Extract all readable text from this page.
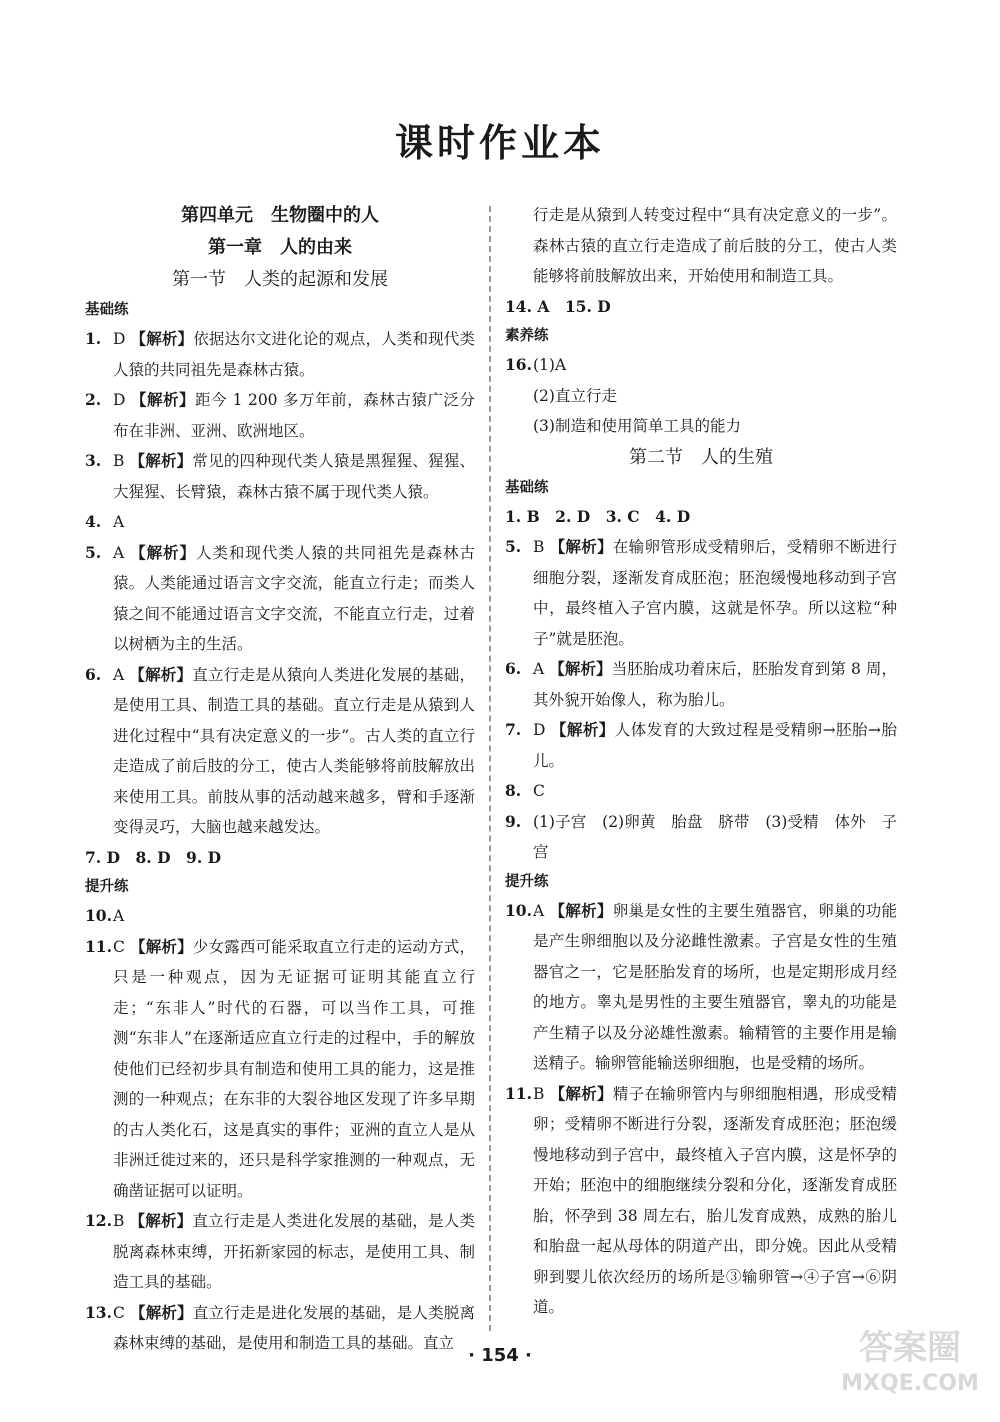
课时作业本
第四单元　生物圈中的人
第一章　人的由来
第一节　人类的起源和发展
基础练
1. D 【解析】依据达尔文进化论的观点，人类和现代类人猿的共同祖先是森林古猿。
2. D 【解析】距今 1 200 多万年前，森林古猿广泛分布在非洲、亚洲、欧洲地区。
3. B 【解析】常见的四种现代类人猿是黑猩猩、猩猩、大猩猩、长臂猿，森林古猿不属于现代类人猿。
4. A
5. A 【解析】人类和现代类人猿的共同祖先是森林古猿。人类能通过语言文字交流，能直立行走；而类人猿之间不能通过语言文字交流，不能直立行走，过着以树栖为主的生活。
6. A 【解析】直立行走是从猿向人类进化发展的基础，是使用工具、制造工具的基础。直立行走是从猿到人进化过程中“具有决定意义的一步”。古人类的直立行走造成了前后肢的分工，使古人类能够将前肢解放出来使用工具。前肢从事的活动越来越多，臂和手逐渐变得灵巧，大脑也越来越发达。
7. D　8. D　9. D
提升练
10. A
11. C 【解析】少女露西可能采取直立行走的运动方式，只是一种观点，因为无证据可证明其能直立行走；“东非人”时代的石器，可以当作工具，可推测“东非人”在逐渐适应直立行走的过程中，手的解放使他们已经初步具有制造和使用工具的能力，这是推测的一种观点；在东非的大裂谷地区发现了许多早期的古人类化石，这是真实的事件；亚洲的直立人是从非洲迁徙过来的，还只是科学家推测的一种观点，无确凿证据可以证明。
12. B 【解析】直立行走是人类进化发展的基础，是人类脱离森林束缚，开拓新家园的标志，是使用工具、制造工具的基础。
13. C 【解析】直立行走是进化发展的基础，是人类脱离森林束缚的基础，是使用和制造工具的基础。直立
行走是从猿到人转变过程中“具有决定意义的一步”。森林古猿的直立行走造成了前后肢的分工，使古人类能够将前肢解放出来，开始使用和制造工具。
14. A　15. D
素养练
16. (1)A
(2)直立行走
(3)制造和使用简单工具的能力
第二节　人的生殖
基础练
1. B　2. D　3. C　4. D
5. B 【解析】在输卵管形成受精卵后，受精卵不断进行细胞分裂，逐渐发育成胚泡；胚泡缓慢地移动到子宫中，最终植入子宫内膜，这就是怀孕。所以这粒“种子”就是胚泡。
6. A 【解析】当胚胎成功着床后，胚胎发育到第 8 周，其外貌开始像人，称为胎儿。
7. D 【解析】人体发育的大致过程是受精卵→胚胎→胎儿。
8. C
9. (1)子宫　(2)卵黄　胎盘　脐带　(3)受精　体外　子宫
提升练
10. A 【解析】卵巢是女性的主要生殖器官，卵巢的功能是产生卵细胞以及分泌雌性激素。子宫是女性的生殖器官之一，它是胚胎发育的场所，也是定期形成月经的地方。睾丸是男性的主要生殖器官，睾丸的功能是产生精子以及分泌雄性激素。输精管的主要作用是输送精子。输卵管能输送卵细胞，也是受精的场所。
11. B 【解析】精子在输卵管内与卵细胞相遇，形成受精卵；受精卵不断进行分裂，逐渐发育成胚泡；胚泡缓慢地移动到子宫中，最终植入子宫内膜，这是怀孕的开始；胚泡中的细胞继续分裂和分化，逐渐发育成胚胎，怀孕到 38 周左右，胎儿发育成熟，成熟的胎儿和胎盘一起从母体的阴道产出，即分娩。因此从受精卵到婴儿依次经历的场所是③输卵管→④子宫→⑥阴道。
· 154 ·	答案圈
MXQE.COM
